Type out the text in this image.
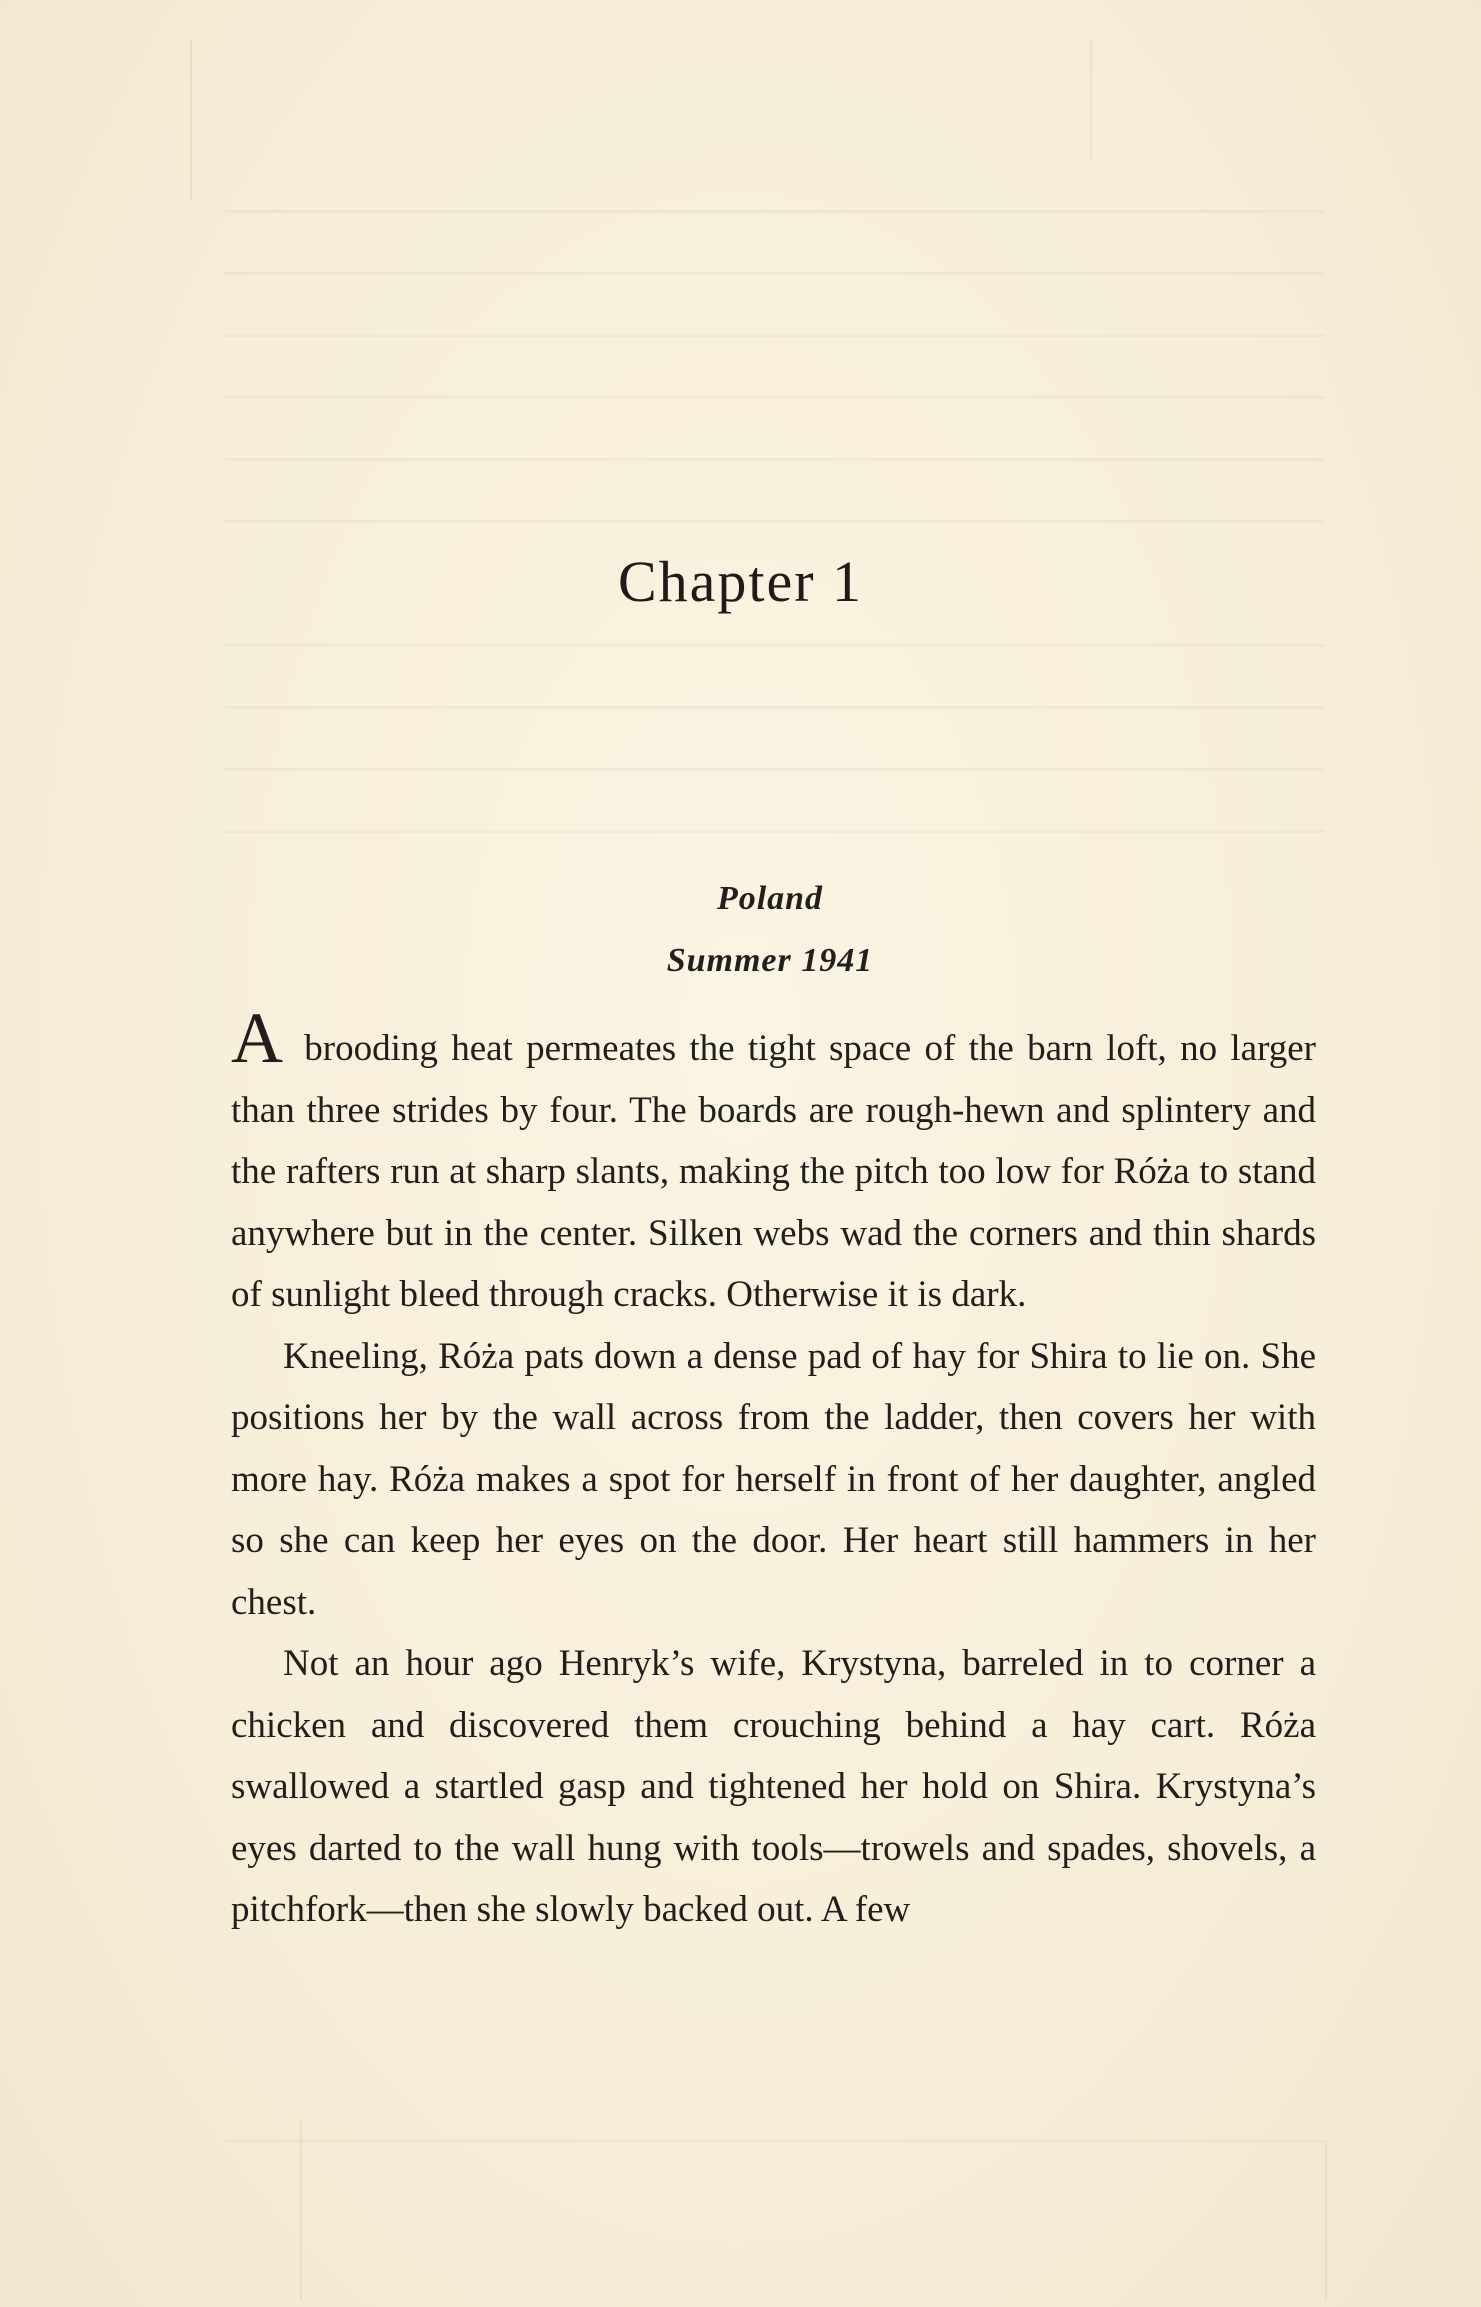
Chapter 1
Poland
Summer 1941

A brooding heat permeates the tight space of the barn loft, no larger than three strides by four. The boards are rough-hewn and splintery and the rafters run at sharp slants, making the pitch too low for Róża to stand anywhere but in the center. Silken webs wad the corners and thin shards of sunlight bleed through cracks. Otherwise it is dark.

Kneeling, Róża pats down a dense pad of hay for Shira to lie on. She positions her by the wall across from the ladder, then covers her with more hay. Róża makes a spot for herself in front of her daughter, angled so she can keep her eyes on the door. Her heart still hammers in her chest.

Not an hour ago Henryk’s wife, Krystyna, barreled in to corner a chicken and discovered them crouching behind a hay cart. Róża swallowed a startled gasp and tightened her hold on Shira. Krystyna’s eyes darted to the wall hung with tools—trowels and spades, shovels, a pitchfork—then she slowly backed out. A few
